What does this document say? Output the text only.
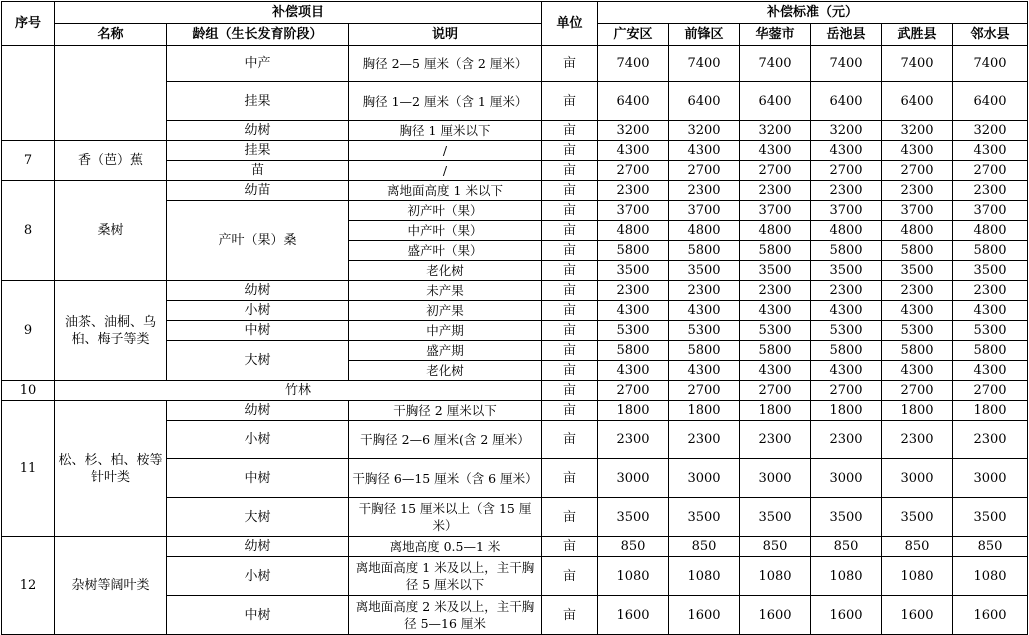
序号	补偿项目			单位	补偿标准（元）					
	名称	龄组（生长发育阶段）	说明		广安区	前锋区	华蓥市	岳池县	武胜县	邻水县
		中产	胸径 2—5 厘米（含 2 厘米）	亩	7400	7400	7400	7400	7400	7400
		挂果	胸径 1—2 厘米（含 1 厘米）	亩	6400	6400	6400	6400	6400	6400
		幼树	胸径 1 厘米以下	亩	3200	3200	3200	3200	3200	3200
7	香（芭）蕉	挂果	/	亩	4300	4300	4300	4300	4300	4300
		苗	/	亩	2700	2700	2700	2700	2700	2700
8	桑树	幼苗	离地面高度 1 米以下	亩	2300	2300	2300	2300	2300	2300
		产叶（果）桑	初产叶（果）	亩	3700	3700	3700	3700	3700	3700
			中产叶（果）	亩	4800	4800	4800	4800	4800	4800
			盛产叶（果）	亩	5800	5800	5800	5800	5800	5800
			老化树	亩	3500	3500	3500	3500	3500	3500
9	油茶、油桐、乌桕、梅子等类	幼树	未产果	亩	2300	2300	2300	2300	2300	2300
		小树	初产果	亩	4300	4300	4300	4300	4300	4300
		中树	中产期	亩	5300	5300	5300	5300	5300	5300
		大树	盛产期	亩	5800	5800	5800	5800	5800	5800
			老化树	亩	4300	4300	4300	4300	4300	4300
10	竹林			亩	2700	2700	2700	2700	2700	2700
11	松、杉、柏、桉等针叶类	幼树	干胸径 2 厘米以下	亩	1800	1800	1800	1800	1800	1800
		小树	干胸径 2—6 厘米(含 2 厘米）	亩	2300	2300	2300	2300	2300	2300
		中树	干胸径 6—15 厘米（含 6 厘米）	亩	3000	3000	3000	3000	3000	3000
		大树	干胸径 15 厘米以上（含 15 厘米）	亩	3500	3500	3500	3500	3500	3500
12	杂树等阔叶类	幼树	离地高度 0.5—1 米	亩	850	850	850	850	850	850
		小树	离地面高度 1 米及以上，主干胸径 5 厘米以下	亩	1080	1080	1080	1080	1080	1080
		中树	离地面高度 2 米及以上，主干胸径 5—16 厘米	亩	1600	1600	1600	1600	1600	1600
